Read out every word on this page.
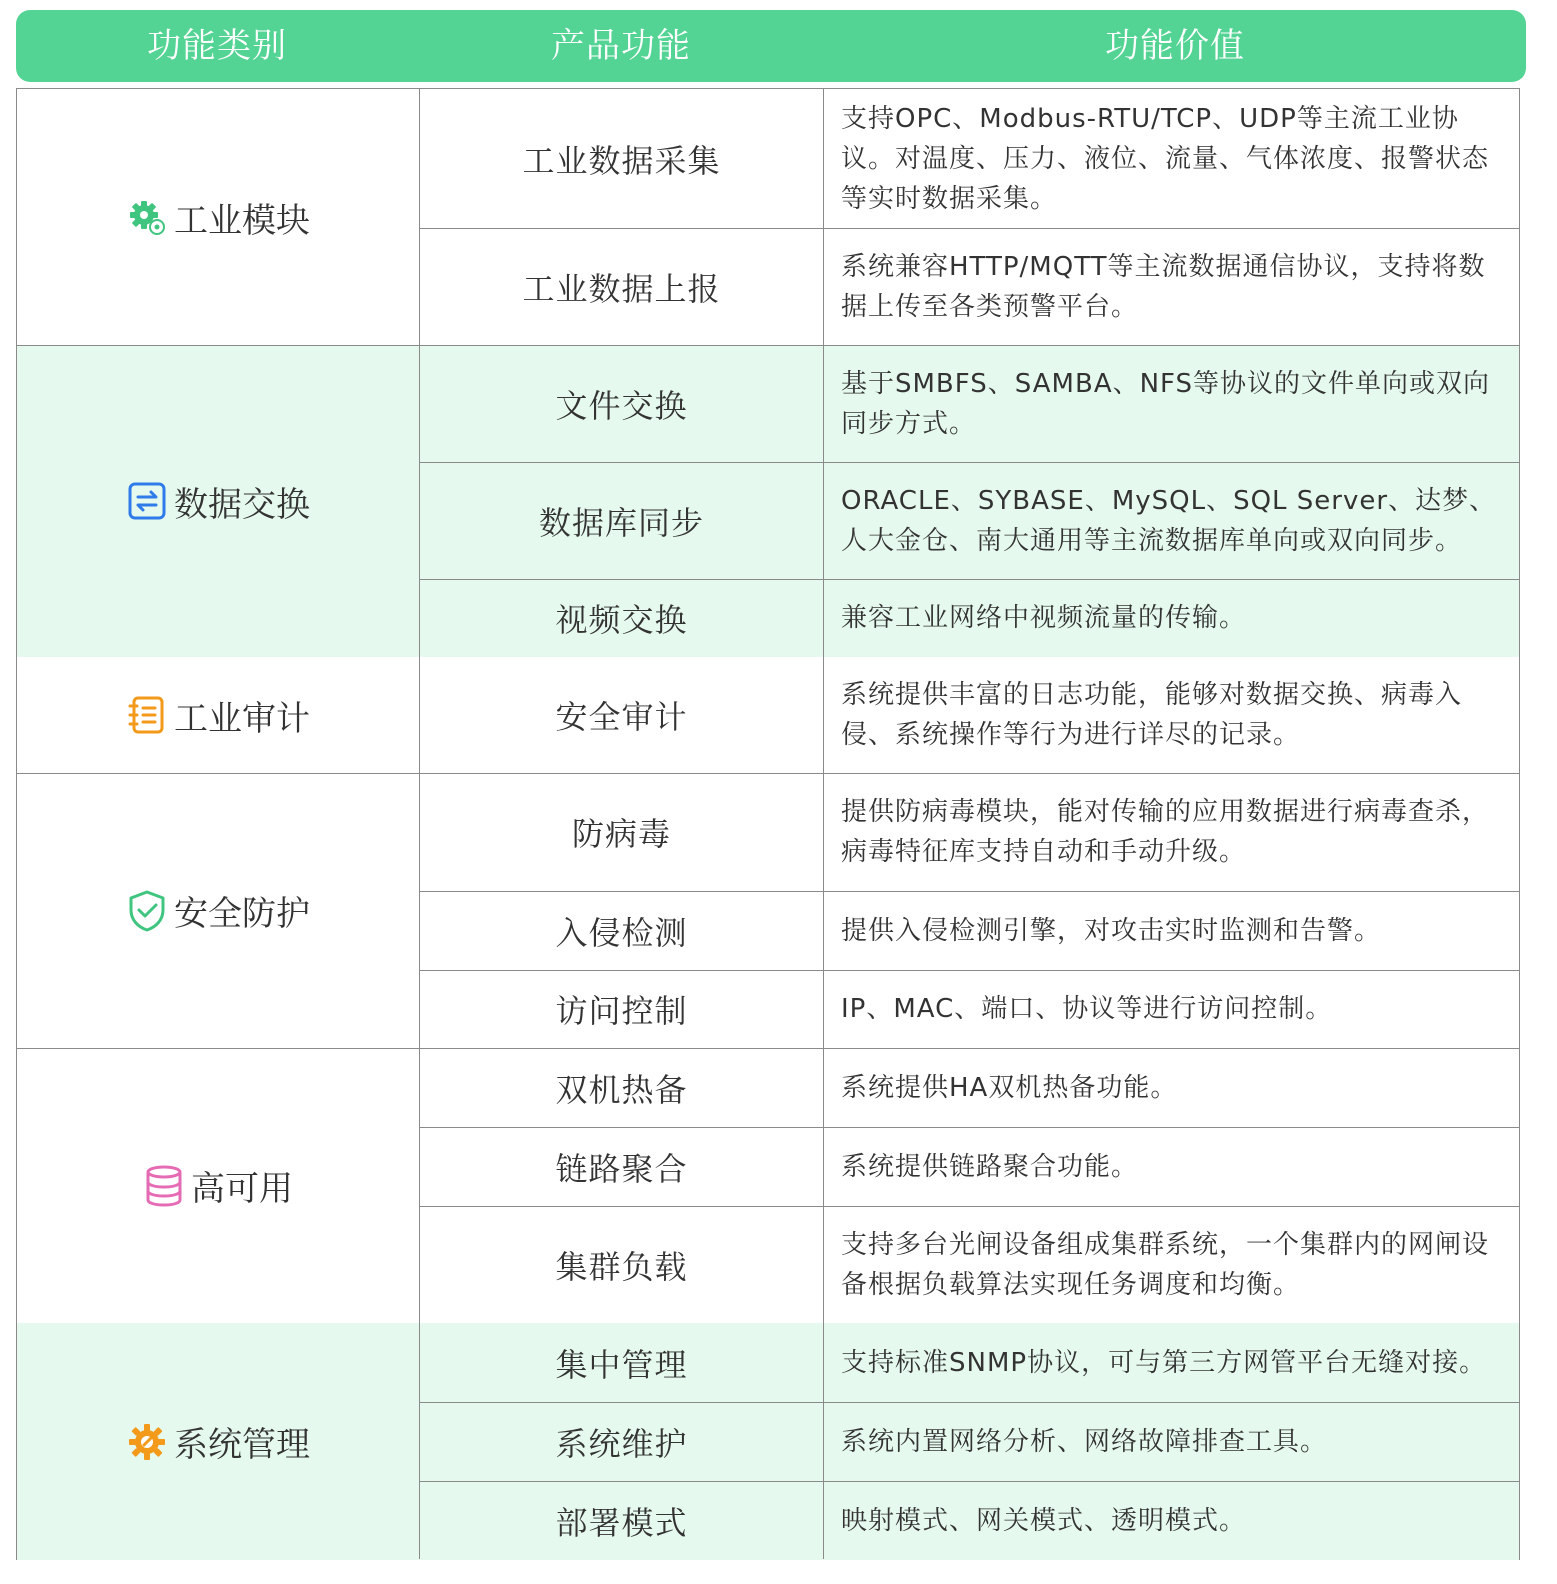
功能类别	产品功能	功能价值
工业模块
数据交换
工业审计
安全防护
高可用
系统管理
工业数据采集
工业数据上报
文件交换
数据库同步
视频交换
安全审计
防病毒
入侵检测
访问控制
双机热备
链路聚合
集群负载
集中管理
系统维护
部署模式
支持OPC、Modbus-RTU/TCP、UDP等主流工业协议。对温度、压力、液位、流量、气体浓度、报警状态等实时数据采集。
系统兼容HTTP/MQTT等主流数据通信协议，支持将数据上传至各类预警平台。
基于SMBFS、SAMBA、NFS等协议的文件单向或双向同步方式。
ORACLE、SYBASE、MySQL、SQL Server、达梦、人大金仓、南大通用等主流数据库单向或双向同步。
兼容工业网络中视频流量的传输。
系统提供丰富的日志功能，能够对数据交换、病毒入侵、系统操作等行为进行详尽的记录。
提供防病毒模块，能对传输的应用数据进行病毒查杀，病毒特征库支持自动和手动升级。
提供入侵检测引擎，对攻击实时监测和告警。
IP、MAC、端口、协议等进行访问控制。
系统提供HA双机热备功能。
系统提供链路聚合功能。
支持多台光闸设备组成集群系统，一个集群内的网闸设备根据负载算法实现任务调度和均衡。
支持标准SNMP协议，可与第三方网管平台无缝对接。
系统内置网络分析、网络故障排查工具。
映射模式、网关模式、透明模式。
